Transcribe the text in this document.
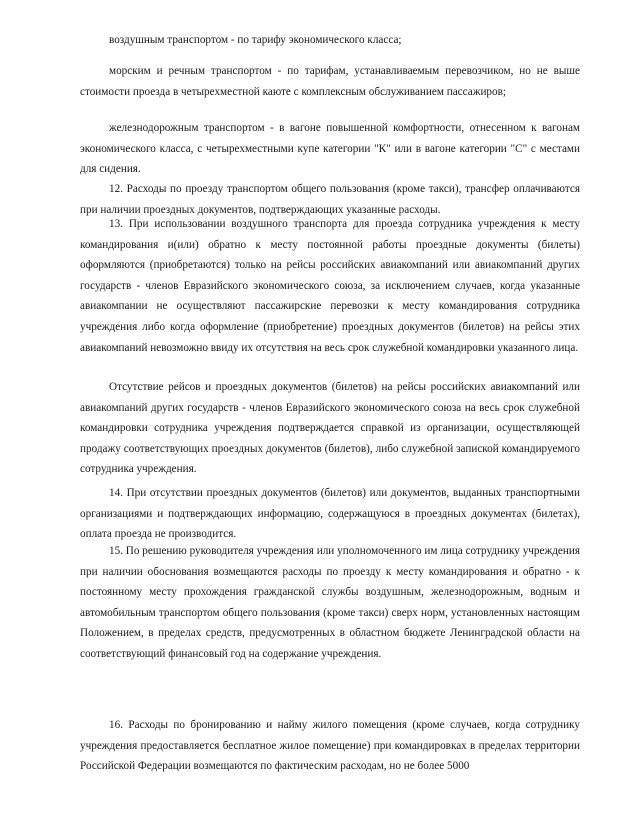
воздушным транспортом - по тарифу экономического класса;

морским и речным транспортом - по тарифам, устанавливаемым перевозчиком, но не выше стоимости проезда в четырехместной каюте с комплексным обслуживанием пассажиров;

железнодорожным транспортом - в вагоне повышенной комфортности, отнесенном к вагонам экономического класса, с четырехместными купе категории "К" или в вагоне категории "С" с местами для сидения.

12. Расходы по проезду транспортом общего пользования (кроме такси), трансфер оплачиваются при наличии проездных документов, подтверждающих указанные расходы.

13. При использовании воздушного транспорта для проезда сотрудника учреждения к месту командирования и(или) обратно к месту постоянной работы проездные документы (билеты) оформляются (приобретаются) только на рейсы российских авиакомпаний или авиакомпаний других государств - членов Евразийского экономического союза, за исключением случаев, когда указанные авиакомпании не осуществляют пассажирские перевозки к месту командирования сотрудника учреждения либо когда оформление (приобретение) проездных документов (билетов) на рейсы этих авиакомпаний невозможно ввиду их отсутствия на весь срок служебной командировки указанного лица.

Отсутствие рейсов и проездных документов (билетов) на рейсы российских авиакомпаний или авиакомпаний других государств - членов Евразийского экономического союза на весь срок служебной командировки сотрудника учреждения подтверждается справкой из организации, осуществляющей продажу соответствующих проездных документов (билетов), либо служебной запиской командируемого сотрудника учреждения.

14. При отсутствии проездных документов (билетов) или документов, выданных транспортными организациями и подтверждающих информацию, содержащуюся в проездных документах (билетах), оплата проезда не производится.

15. По решению руководителя учреждения или уполномоченного им лица сотруднику учреждения при наличии обоснования возмещаются расходы по проезду к месту командирования и обратно - к постоянному месту прохождения гражданской службы воздушным, железнодорожным, водным и автомобильным транспортом общего пользования (кроме такси) сверх норм, установленных настоящим Положением, в пределах средств, предусмотренных в областном бюджете Ленинградской области на соответствующий финансовый год на содержание учреждения.

16. Расходы по бронированию и найму жилого помещения (кроме случаев, когда сотруднику учреждения предоставляется бесплатное жилое помещение) при командировках в пределах территории Российской Федерации возмещаются по фактическим расходам, но не более 5000
